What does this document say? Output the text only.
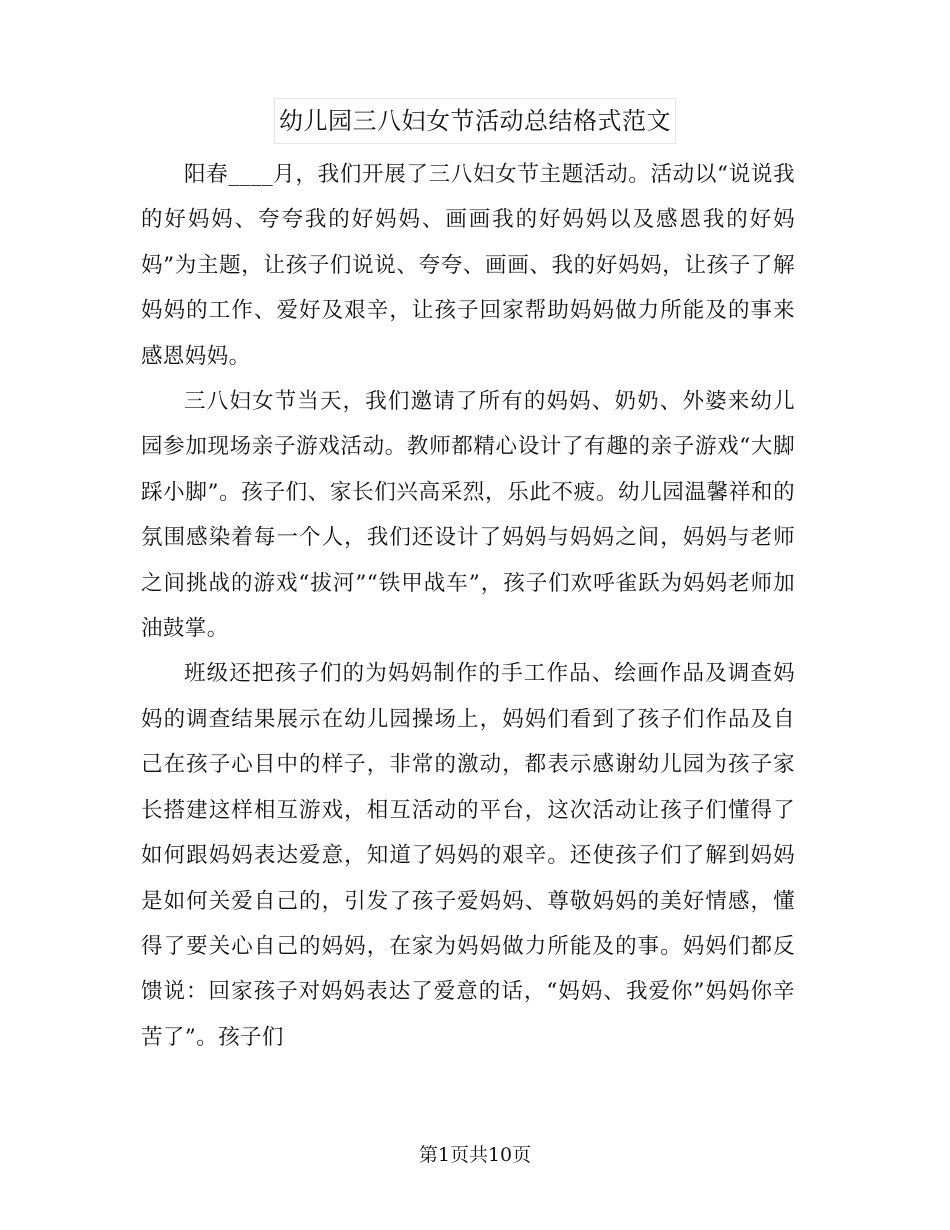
幼儿园三八妇女节活动总结格式范文

阳春____月，我们开展了三八妇女节主题活动。活动以“说说我的好妈妈、夸夸我的好妈妈、画画我的好妈妈以及感恩我的好妈妈”为主题，让孩子们说说、夸夸、画画、我的好妈妈，让孩子了解妈妈的工作、爱好及艰辛，让孩子回家帮助妈妈做力所能及的事来感恩妈妈。

三八妇女节当天，我们邀请了所有的妈妈、奶奶、外婆来幼儿园参加现场亲子游戏活动。教师都精心设计了有趣的亲子游戏“大脚踩小脚”。孩子们、家长们兴高采烈，乐此不疲。幼儿园温馨祥和的氛围感染着每一个人，我们还设计了妈妈与妈妈之间，妈妈与老师之间挑战的游戏“拔河”“铁甲战车”，孩子们欢呼雀跃为妈妈老师加油鼓掌。

班级还把孩子们的为妈妈制作的手工作品、绘画作品及调查妈妈的调查结果展示在幼儿园操场上，妈妈们看到了孩子们作品及自己在孩子心目中的样子，非常的激动，都表示感谢幼儿园为孩子家长搭建这样相互游戏，相互活动的平台，这次活动让孩子们懂得了如何跟妈妈表达爱意，知道了妈妈的艰辛。还使孩子们了解到妈妈是如何关爱自己的，引发了孩子爱妈妈、尊敬妈妈的美好情感，懂得了要关心自己的妈妈，在家为妈妈做力所能及的事。妈妈们都反馈说：回家孩子对妈妈表达了爱意的话，“妈妈、我爱你”妈妈你辛苦了”。孩子们

第1页共10页
